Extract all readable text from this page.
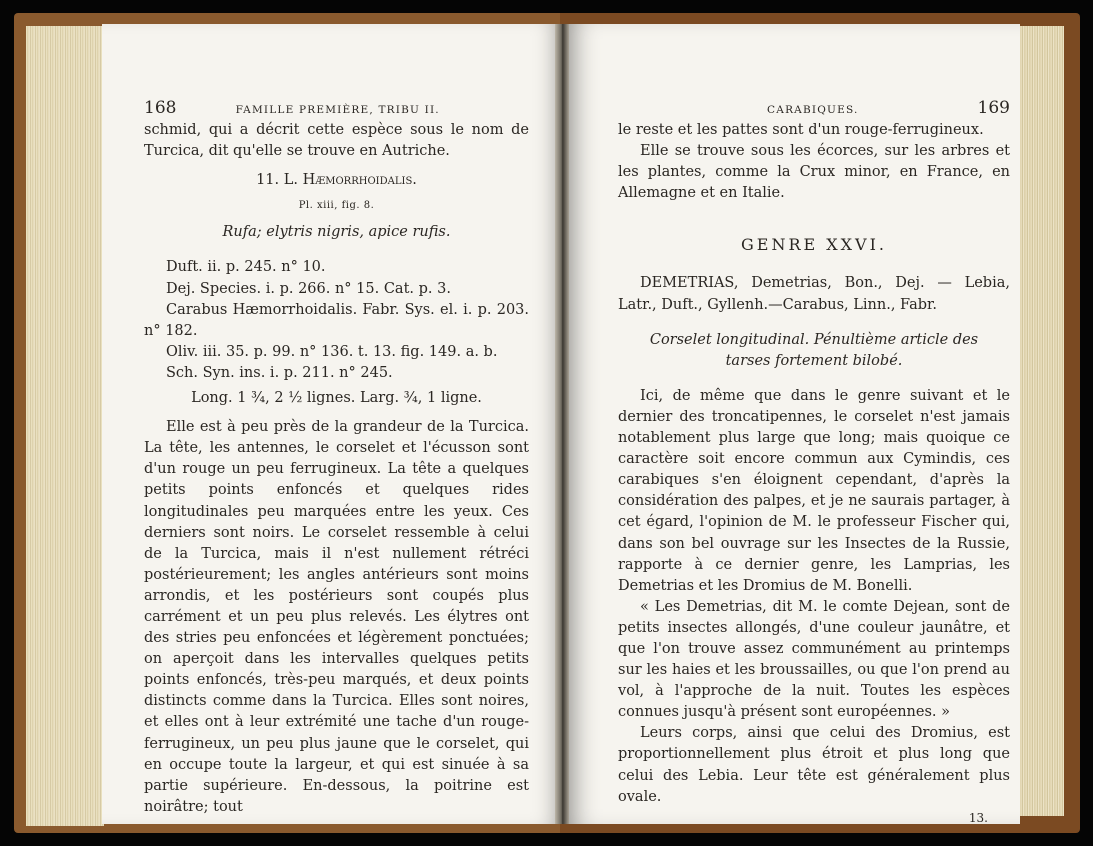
168	FAMILLE PREMIÈRE, TRIBU II.

schmid, qui a décrit cette espèce sous le nom de Turcica, dit qu'elle se trouve en Autriche.

11. L. Hæmorrhoidalis.

Pl. xiii, fig. 8.

Rufa; elytris nigris, apice rufis.

Duft. ii. p. 245. n° 10.

Dej. Species. i. p. 266. n° 15. Cat. p. 3.

Carabus Hæmorrhoidalis. Fabr. Sys. el. i. p. 203. n° 182.

Oliv. iii. 35. p. 99. n° 136. t. 13. fig. 149. a. b.

Sch. Syn. ins. i. p. 211. n° 245.

Long. 1 ¾, 2 ½ lignes. Larg. ¾, 1 ligne.

Elle est à peu près de la grandeur de la Turcica. La tête, les antennes, le corselet et l'écusson sont d'un rouge un peu ferrugineux. La tête a quelques petits points enfoncés et quelques rides longitudinales peu marquées entre les yeux. Ces derniers sont noirs. Le corselet ressemble à celui de la Turcica, mais il n'est nullement rétréci postérieurement; les angles antérieurs sont moins arrondis, et les postérieurs sont coupés plus carrément et un peu plus relevés. Les élytres ont des stries peu enfoncées et légèrement ponctuées; on aperçoit dans les intervalles quelques petits points enfoncés, très-peu marqués, et deux points distincts comme dans la Turcica. Elles sont noires, et elles ont à leur extrémité une tache d'un rouge-ferrugineux, un peu plus jaune que le corselet, qui en occupe toute la largeur, et qui est sinuée à sa partie supérieure. En-dessous, la poitrine est noirâtre; tout

CARABIQUES.	169

le reste et les pattes sont d'un rouge-ferrugineux.

Elle se trouve sous les écorces, sur les arbres et les plantes, comme la Crux minor, en France, en Allemagne et en Italie.

GENRE XXVI.

DEMETRIAS, Demetrias, Bon., Dej. — Lebia, Latr., Duft., Gyllenh.—Carabus, Linn., Fabr.

Corselet longitudinal. Pénultième article des tarses fortement bilobé.

Ici, de même que dans le genre suivant et le dernier des troncatipennes, le corselet n'est jamais notablement plus large que long; mais quoique ce caractère soit encore commun aux Cymindis, ces carabiques s'en éloignent cependant, d'après la considération des palpes, et je ne saurais partager, à cet égard, l'opinion de M. le professeur Fischer qui, dans son bel ouvrage sur les Insectes de la Russie, rapporte à ce dernier genre, les Lamprias, les Demetrias et les Dromius de M. Bonelli.

« Les Demetrias, dit M. le comte Dejean, sont de petits insectes allongés, d'une couleur jaunâtre, et que l'on trouve assez communément au printemps sur les haies et les broussailles, ou que l'on prend au vol, à l'approche de la nuit. Toutes les espèces connues jusqu'à présent sont européennes. »

Leurs corps, ainsi que celui des Dromius, est proportionnellement plus étroit et plus long que celui des Lebia. Leur tête est généralement plus ovale.

13.
